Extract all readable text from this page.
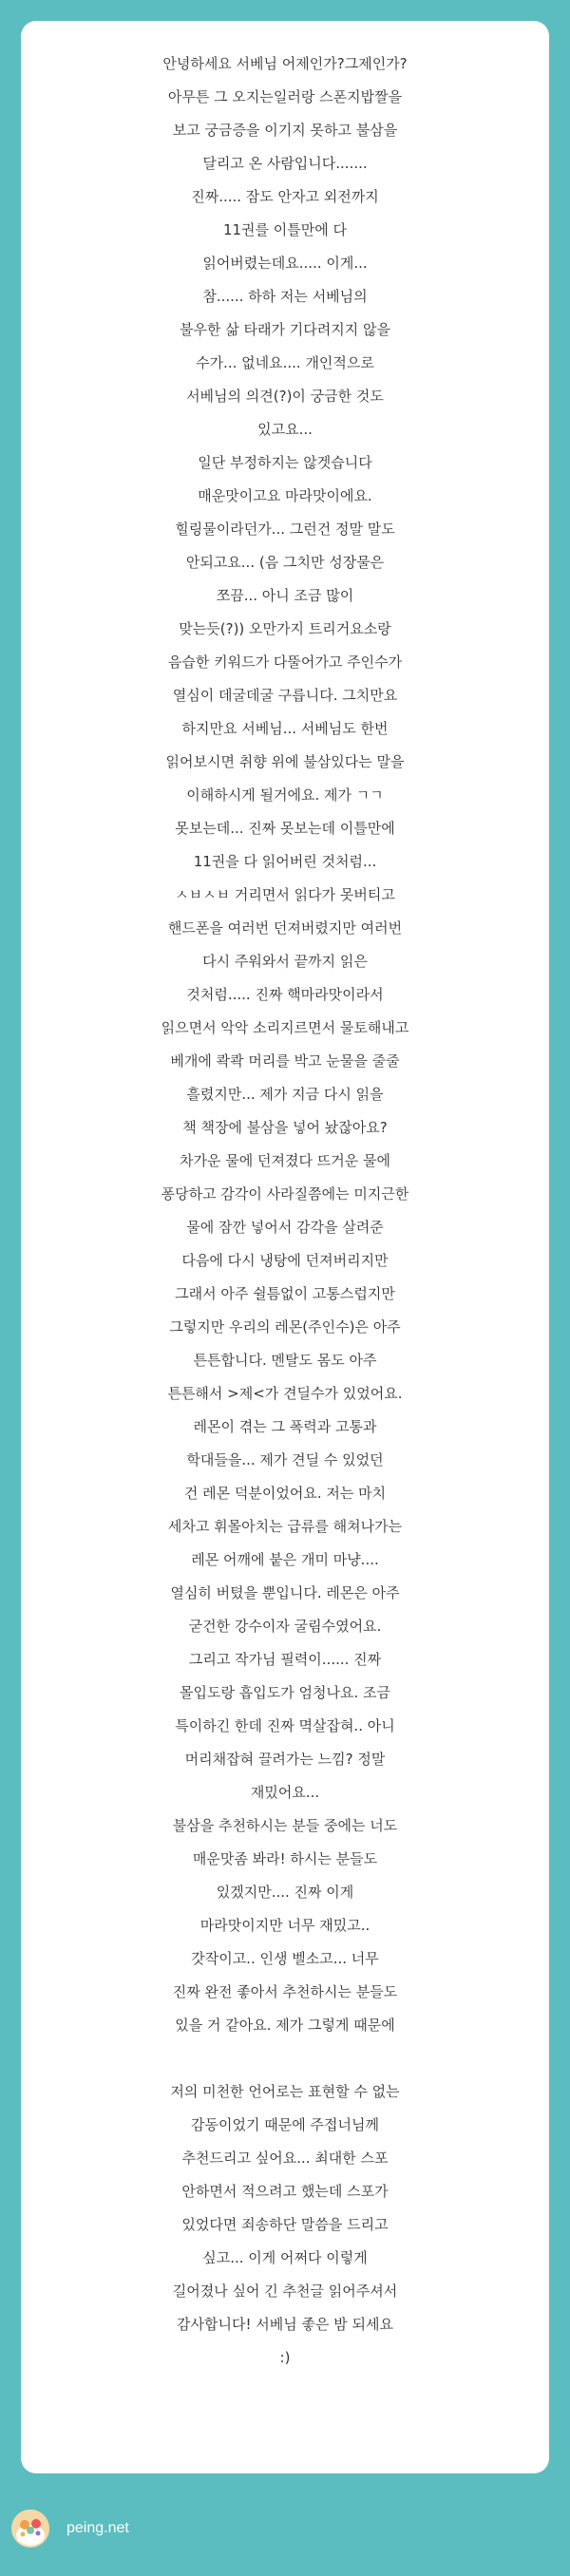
안녕하세요 서베님 어제인가?그제인가?
아무튼 그 오지는일러랑 스폰지밥짤을
보고 궁금증을 이기지 못하고 불삼을
달리고 온 사람입니다.......
진짜..... 잠도 안자고 외전까지
11권를 이틀만에 다
읽어버렸는데요..... 이게...
참...... 하하 저는 서베님의
불우한 삶 타래가 기다려지지 않을
수가... 없네요.... 개인적으로
서베님의 의견(?)이 궁금한 것도
있고요...
일단 부정하지는 않겟습니다
매운맛이고요 마라맛이에요.
힐링물이라던가... 그런건 정말 말도
안되고요... (음 그치만 성장물은
쪼끔... 아니 조금 많이
맞는듯(?)) 오만가지 트리거요소랑
음습한 키워드가 다뚤어가고 주인수가
열심이 데굴데굴 구릅니다. 그치만요
하지만요 서베님... 서베님도 한번
읽어보시면 취향 위에 불삼있다는 말을
이해하시게 될거에요. 제가 ㄱㄱ
못보는데... 진짜 못보는데 이틀만에
11권을 다 읽어버린 것처럼...
ㅅㅂㅅㅂ 거리면서 읽다가 못버티고
핸드폰을 여러번 던져버렸지만 여러번
다시 주워와서 끝까지 읽은
것처럼..... 진짜 핵마라맛이라서
읽으면서 악악 소리지르면서 물토해내고
베개에 콱콱 머리를 박고 눈물을 줄줄
흘렸지만... 제가 지금 다시 읽을
책 책장에 불삼을 넣어 놨잖아요?
차가운 물에 던져졌다 뜨거운 물에
퐁당하고 감각이 사라질쯤에는 미지근한
물에 잠깐 넣어서 감각을 살려준
다음에 다시 냉탕에 던져버리지만
그래서 아주 쉴틈없이 고통스럽지만
그렇지만 우리의 레몬(주인수)은 아주
튼튼합니다. 멘탈도 몸도 아주
튼튼해서 >제<가 견딜수가 있었어요.
레몬이 겪는 그 폭력과 고통과
학대들을... 제가 견딜 수 있었던
건 레몬 덕분이었어요. 저는 마치
세차고 휘몰아치는 급류를 해쳐나가는
레몬 어깨에 붙은 개미 마냥....
열심히 버텼을 뿐입니다. 레몬은 아주
굳건한 강수이자 굴림수였어요.
그리고 작가님 필력이...... 진짜
몰입도랑 흡입도가 엄청나요. 조금
특이하긴 한데 진짜 멱살잡혀.. 아니
머리채잡혀 끌려가는 느낌? 정말
재밌어요...
불삼을 추천하시는 분들 중에는 너도
매운맛좀 봐라! 하시는 분들도
있겠지만.... 진짜 이게
마라맛이지만 너무 재밌고..
갓작이고.. 인생 벨소고... 너무
진짜 완전 좋아서 추천하시는 분들도
있을 거 같아요. 제가 그렇게 때문에
저의 미천한 언어로는 표현할 수 없는
감동이었기 때문에 주접너님께
추천드리고 싶어요... 최대한 스포
안하면서 적으려고 했는데 스포가
있었다면 죄송하단 말씀을 드리고
싶고... 이게 어쩌다 이렇게
길어졌나 싶어 긴 추천글 읽어주셔서
감사합니다! 서베님 좋은 밤 되세요
:)
peing.net
